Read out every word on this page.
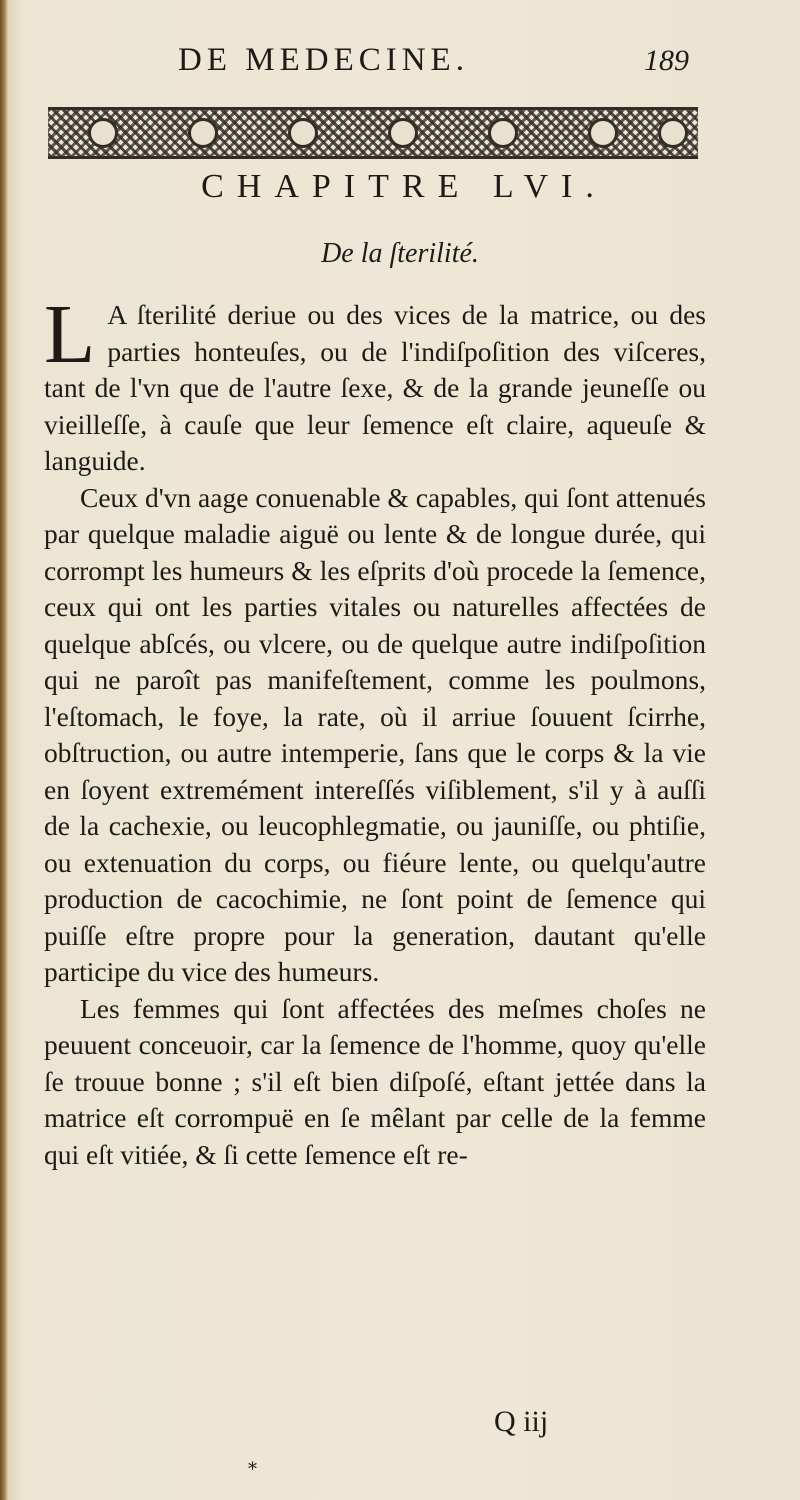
DE MEDECINE.	189
CHAPITRE LVI.
De la ſterilité.

L A ſterilité deriue ou des vices de la matrice, ou des parties honteuſes, ou de l'indiſpoſition des viſceres, tant de l'vn que de l'autre ſexe, & de la grande jeuneſſe ou vieilleſſe, à cauſe que leur ſemence eſt claire, aqueuſe & languide.

Ceux d'vn aage conuenable & capables, qui ſont attenués par quelque maladie aiguë ou lente & de longue durée, qui corrompt les humeurs & les eſprits d'où procede la ſemence, ceux qui ont les parties vitales ou naturelles affectées de quelque abſcés, ou vlcere, ou de quelque autre indiſpoſition qui ne paroît pas manifeſtement, comme les poulmons, l'eſtomach, le foye, la rate, où il arriue ſouuent ſcirrhe, obſtruction, ou autre intemperie, ſans que le corps & la vie en ſoyent extremément intereſſés viſiblement, s'il y à auſſi de la cachexie, ou leucophlegmatie, ou jauniſſe, ou phtiſie, ou extenuation du corps, ou fiéure lente, ou quelqu'autre production de cacochimie, ne ſont point de ſemence qui puiſſe eſtre propre pour la generation, dautant qu'elle participe du vice des humeurs.

Les femmes qui ſont affectées des meſmes choſes ne peuuent conceuoir, car la ſemence de l'homme, quoy qu'elle ſe trouue bonne ; s'il eſt bien diſpoſé, eſtant jettée dans la matrice eſt corrompuë en ſe mêlant par celle de la femme qui eſt vitiée, & ſi cette ſemence eſt re-

Q iij
*
